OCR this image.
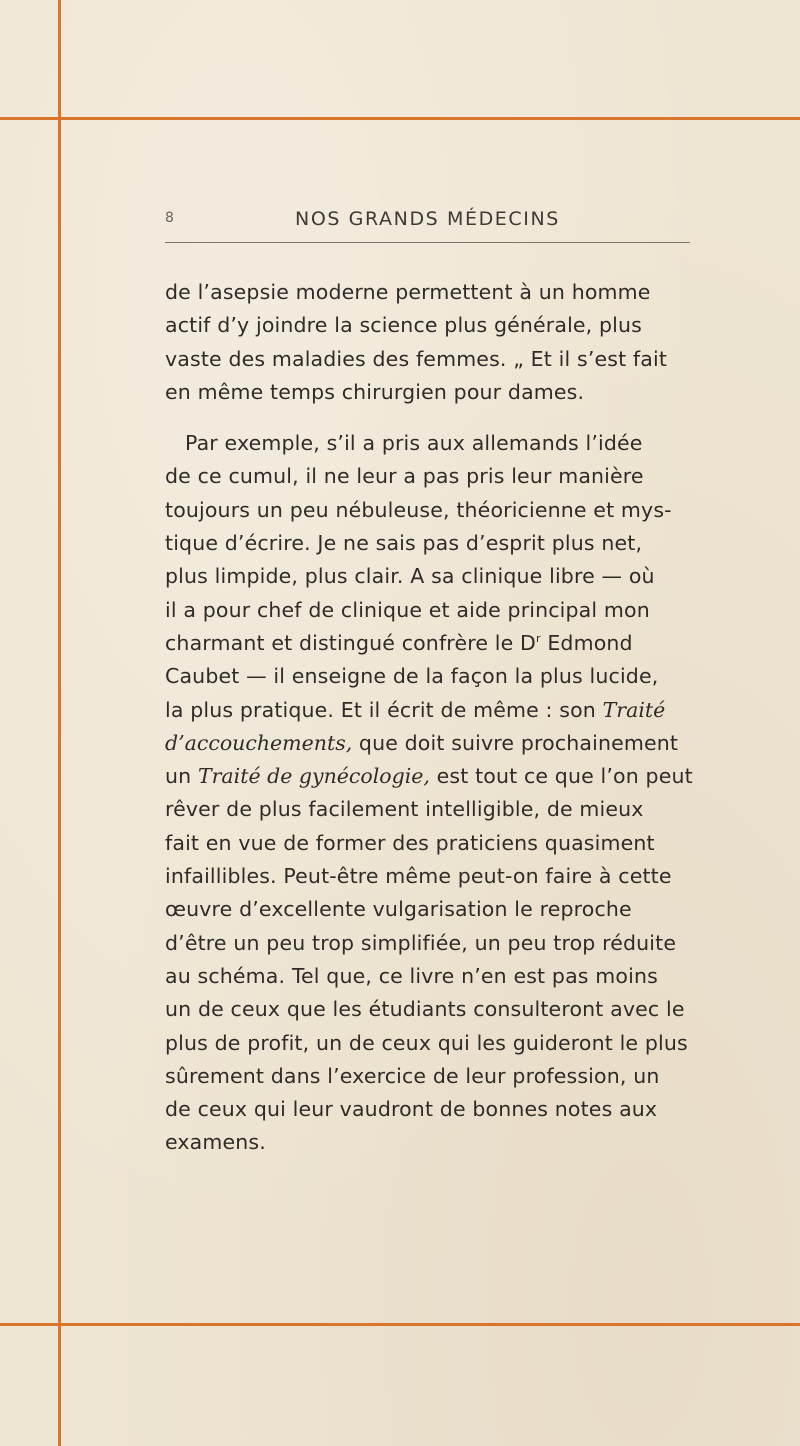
8	NOS GRANDS MÉDECINS
de l’asepsie moderne permettent à un homme
actif d’y joindre la science plus générale, plus
vaste des maladies des femmes. „ Et il s’est fait
en même temps chirurgien pour dames.
Par exemple, s’il a pris aux allemands l’idée
de ce cumul, il ne leur a pas pris leur manière
toujours un peu nébuleuse, théoricienne et mys-
tique d’écrire. Je ne sais pas d’esprit plus net,
plus limpide, plus clair. A sa clinique libre — où
il a pour chef de clinique et aide principal mon
charmant et distingué confrère le $D^r$ Edmond
Caubet — il enseigne de la façon la plus lucide,
la plus pratique. Et il écrit de même : son Traité
d’accouchements, que doit suivre prochainement
un Traité de gynécologie, est tout ce que l’on peut
rêver de plus facilement intelligible, de mieux
fait en vue de former des praticiens quasiment
infaillibles. Peut-être même peut-on faire à cette
œuvre d’excellente vulgarisation le reproche
d’être un peu trop simplifiée, un peu trop réduite
au schéma. Tel que, ce livre n’en est pas moins
un de ceux que les étudiants consulteront avec le
plus de profit, un de ceux qui les guideront le plus
sûrement dans l’exercice de leur profession, un
de ceux qui leur vaudront de bonnes notes aux
examens.
